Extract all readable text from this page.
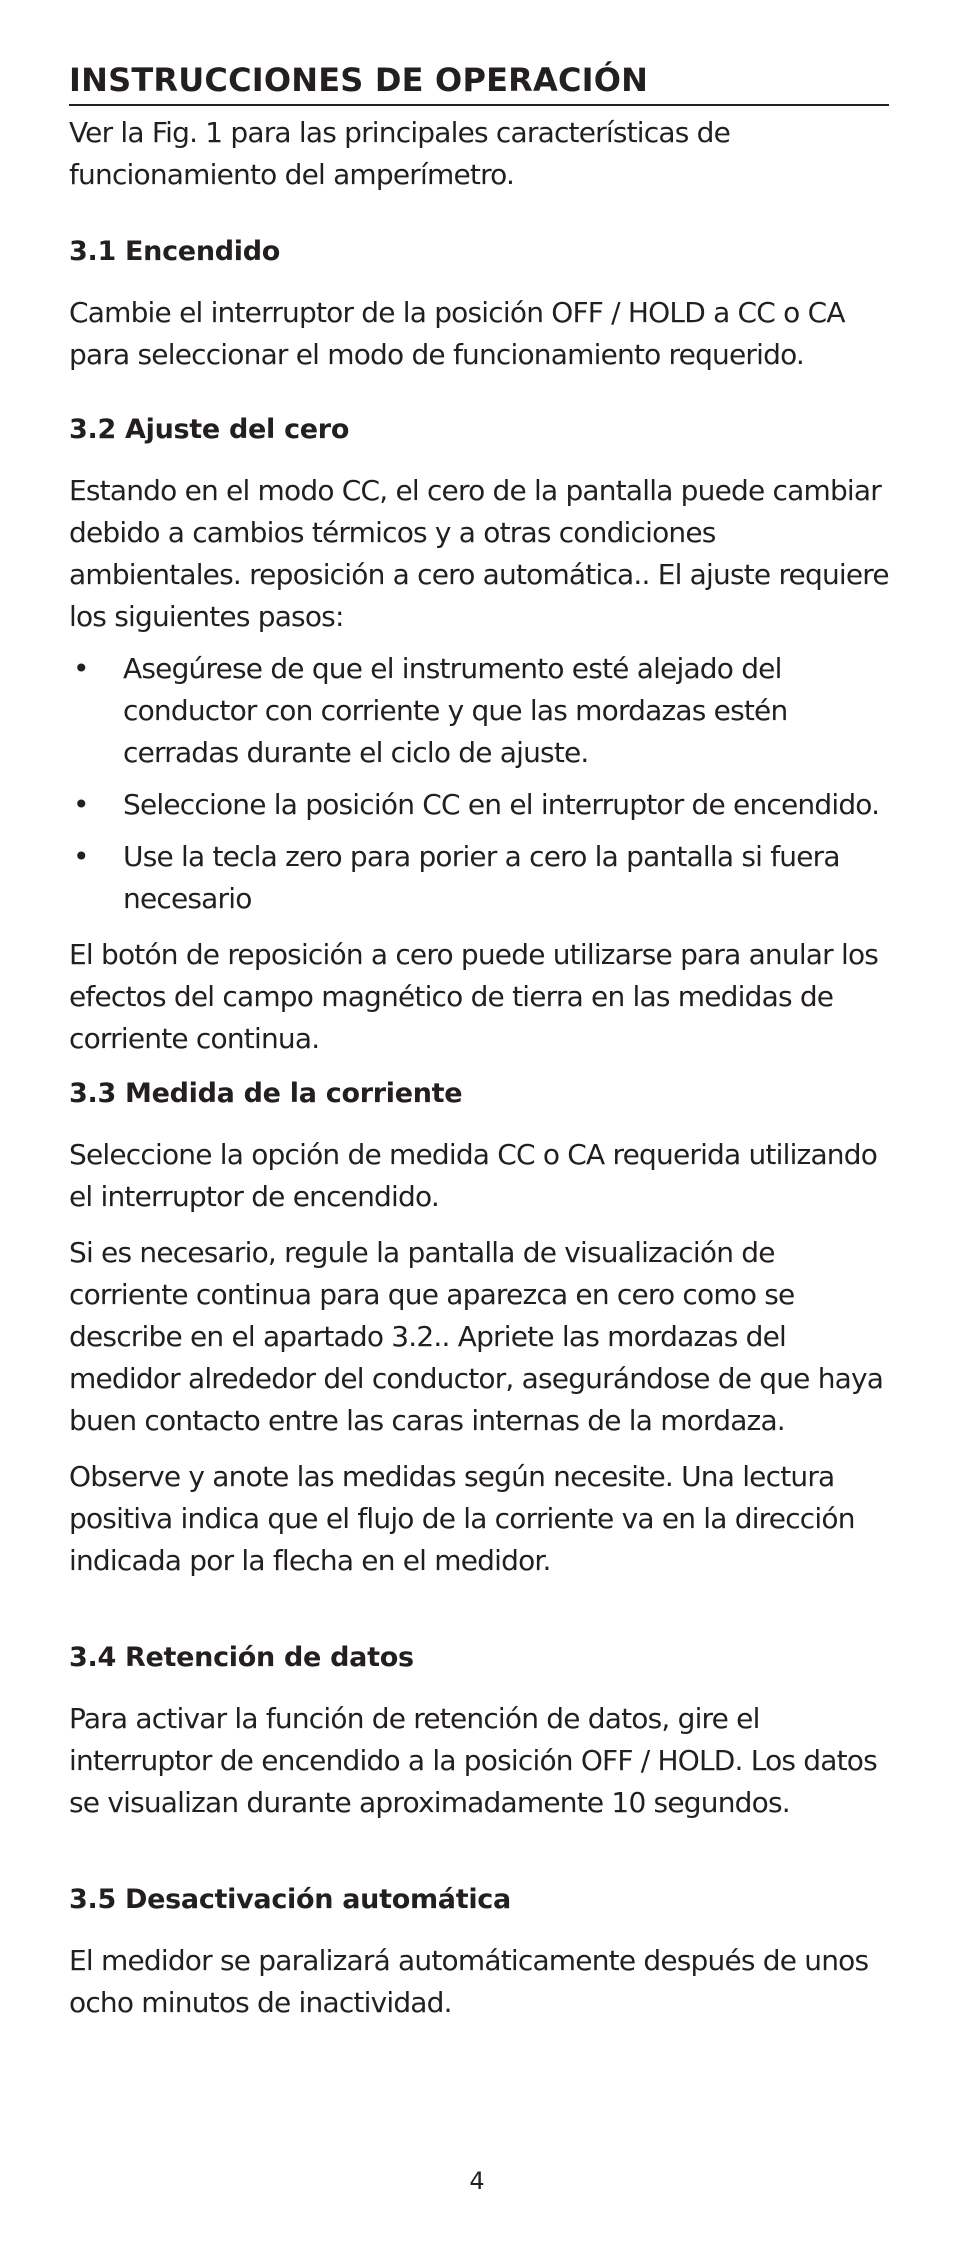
INSTRUCCIONES DE OPERACIÓN

Ver la Fig. 1 para las principales características de funcionamiento del amperímetro.

3.1 Encendido

Cambie el interruptor de la posición OFF / HOLD a CC o CA para seleccionar el modo de funcionamiento requerido.

3.2 Ajuste del cero

Estando en el modo CC, el cero de la pantalla puede cambiar debido a cambios térmicos y a otras condiciones ambientales. reposición a cero automática.. El ajuste requiere los siguientes pasos:

• Asegúrese de que el instrumento esté alejado del conductor con corriente y que las mordazas estén cerradas durante el ciclo de ajuste.
• Seleccione la posición CC en el interruptor de encendido.
• Use la tecla zero para porier a cero la pantalla si fuera necesario

El botón de reposición a cero puede utilizarse para anular los efectos del campo magnético de tierra en las medidas de corriente continua.

3.3 Medida de la corriente

Seleccione la opción de medida CC o CA requerida utilizando el interruptor de encendido.

Si es necesario, regule la pantalla de visualización de corriente continua para que aparezca en cero como se describe en el apartado 3.2.. Apriete las mordazas del medidor alrededor del conductor, asegurándose de que haya buen contacto entre las caras internas de la mordaza.

Observe y anote las medidas según necesite. Una lectura positiva indica que el flujo de la corriente va en la dirección indicada por la flecha en el medidor.

3.4 Retención de datos

Para activar la función de retención de datos, gire el interruptor de encendido a la posición OFF / HOLD. Los datos se visualizan durante aproximadamente 10 segundos.

3.5 Desactivación automática

El medidor se paralizará automáticamente después de unos ocho minutos de inactividad.

4
